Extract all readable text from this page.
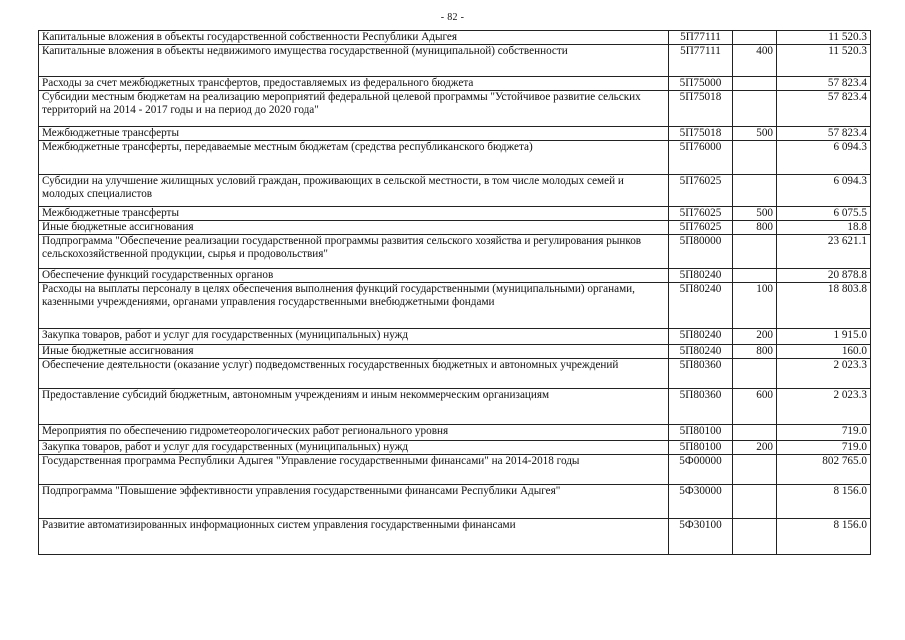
- 82 -
Капитальные вложения в объекты государственной собственности Республики Адыгея	5П77111		11 520.3
Капитальные вложения в объекты недвижимого имущества государственной (муниципальной) собственности	5П77111	400	11 520.3
Расходы за счет межбюджетных трансфертов, предоставляемых из федерального бюджета	5П75000		57 823.4
Субсидии местным бюджетам на реализацию мероприятий федеральной целевой программы "Устойчивое развитие сельских территорий на 2014 - 2017 годы и на период до 2020 года"	5П75018		57 823.4
Межбюджетные трансферты	5П75018	500	57 823.4
Межбюджетные трансферты, передаваемые местным бюджетам (средства республиканского бюджета)	5П76000		6 094.3
Субсидии на улучшение жилищных условий граждан, проживающих в сельской местности, в том числе молодых семей и молодых специалистов	5П76025		6 094.3
Межбюджетные трансферты	5П76025	500	6 075.5
Иные бюджетные ассигнования	5П76025	800	18.8
Подпрограмма "Обеспечение реализации государственной программы развития сельского хозяйства и регулирования рынков сельскохозяйственной продукции, сырья и продовольствия"	5П80000		23 621.1
Обеспечение функций государственных органов	5П80240		20 878.8
Расходы на выплаты персоналу в целях обеспечения выполнения функций государственными (муниципальными) органами, казенными учреждениями, органами управления государственными внебюджетными фондами	5П80240	100	18 803.8
Закупка товаров, работ и услуг для государственных (муниципальных) нужд	5П80240	200	1 915.0
Иные бюджетные ассигнования	5П80240	800	160.0
Обеспечение деятельности (оказание услуг) подведомственных государственных бюджетных и автономных учреждений	5П80360		2 023.3
Предоставление субсидий бюджетным, автономным учреждениям и иным некоммерческим организациям	5П80360	600	2 023.3
Мероприятия по обеспечению гидрометеорологических работ регионального уровня	5П80100		719.0
Закупка товаров, работ и услуг для государственных (муниципальных) нужд	5П80100	200	719.0
Государственная программа Республики Адыгея "Управление государственными финансами" на 2014-2018 годы	5Ф00000		802 765.0
Подпрограмма "Повышение эффективности управления государственными финансами Республики Адыгея"	5Ф30000		8 156.0
Развитие автоматизированных информационных систем управления государственными финансами	5Ф30100		8 156.0
